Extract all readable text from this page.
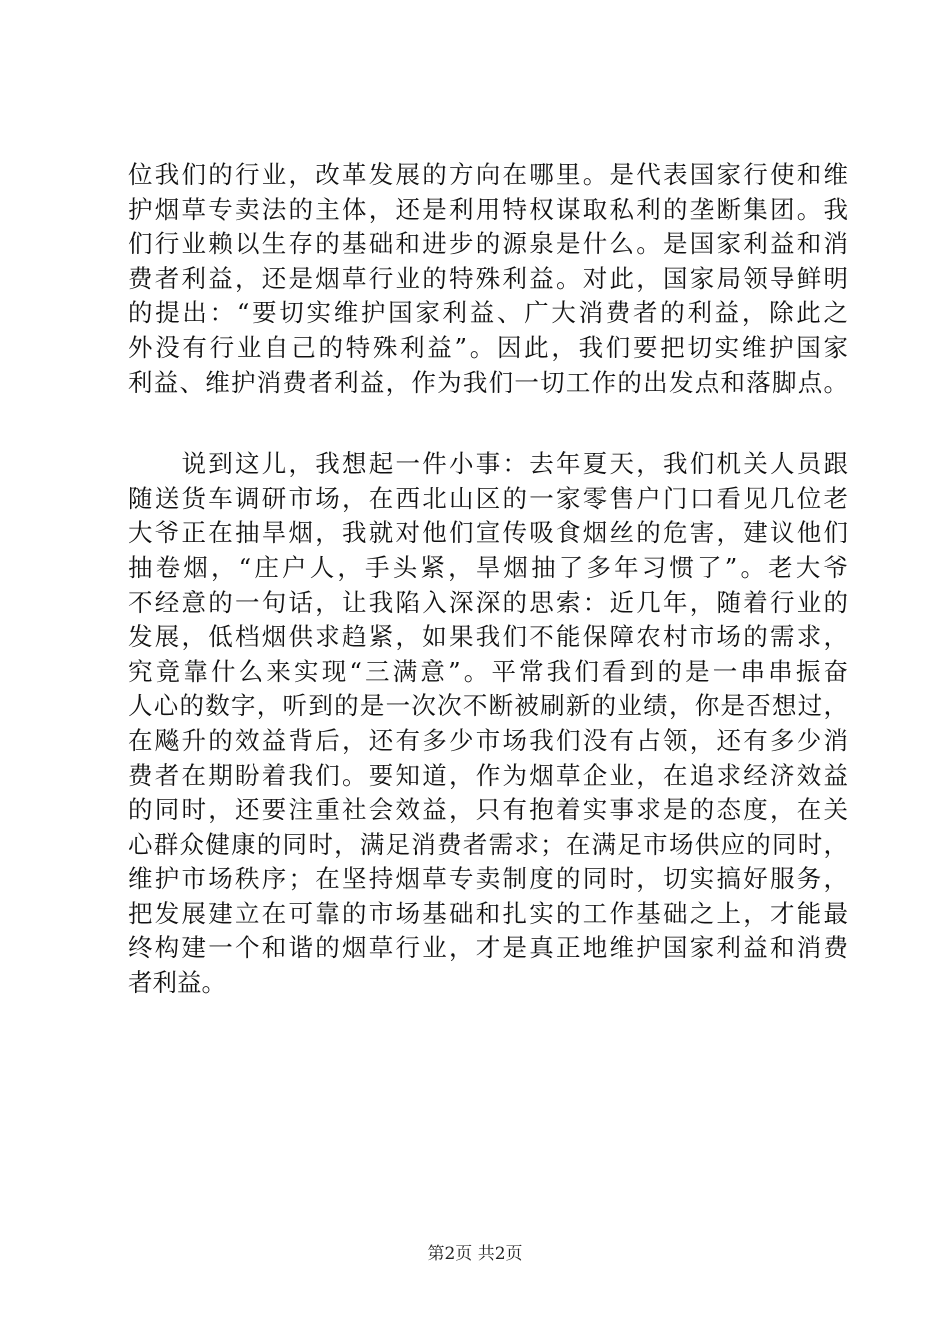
位我们的行业，改革发展的方向在哪里。是代表国家行使和维
护烟草专卖法的主体，还是利用特权谋取私利的垄断集团。我
们行业赖以生存的基础和进步的源泉是什么。是国家利益和消
费者利益，还是烟草行业的特殊利益。对此，国家局领导鲜明
的提出：“要切实维护国家利益、广大消费者的利益，除此之
外没有行业自己的特殊利益”。因此，我们要把切实维护国家
利益、维护消费者利益，作为我们一切工作的出发点和落脚点。
　　说到这儿，我想起一件小事：去年夏天，我们机关人员跟
随送货车调研市场，在西北山区的一家零售户门口看见几位老
大爷正在抽旱烟，我就对他们宣传吸食烟丝的危害，建议他们
抽卷烟，“庄户人，手头紧，旱烟抽了多年习惯了”。老大爷
不经意的一句话，让我陷入深深的思索：近几年，随着行业的
发展，低档烟供求趋紧，如果我们不能保障农村市场的需求，
究竟靠什么来实现“三满意”。平常我们看到的是一串串振奋
人心的数字，听到的是一次次不断被刷新的业绩，你是否想过，
在飚升的效益背后，还有多少市场我们没有占领，还有多少消
费者在期盼着我们。要知道，作为烟草企业，在追求经济效益
的同时，还要注重社会效益，只有抱着实事求是的态度，在关
心群众健康的同时，满足消费者需求；在满足市场供应的同时，
维护市场秩序；在坚持烟草专卖制度的同时，切实搞好服务，
把发展建立在可靠的市场基础和扎实的工作基础之上，才能最
终构建一个和谐的烟草行业，才是真正地维护国家利益和消费
者利益。
第2页 共2页
